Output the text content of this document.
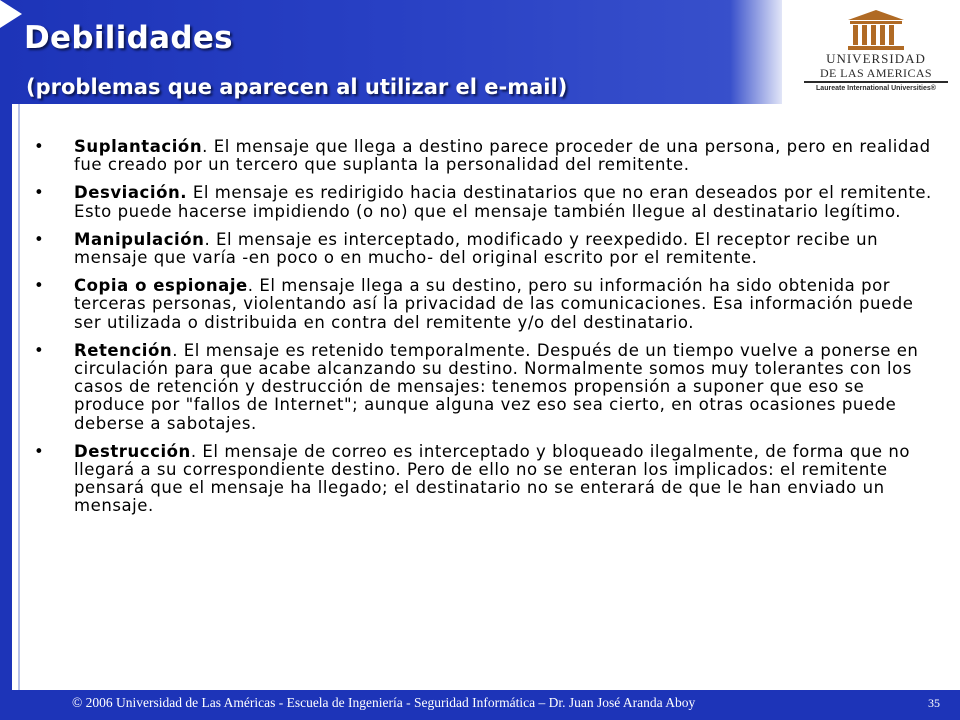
Debilidades
(problemas que aparecen al utilizar el e-mail)
UNIVERSIDAD
DE LAS AMERICAS
Laureate International Universities®
• Suplantación. El mensaje que llega a destino parece proceder de una persona, pero en realidad fue creado por un tercero que suplanta la personalidad del remitente.
• Desviación. El mensaje es redirigido hacia destinatarios que no eran deseados por el remitente. Esto puede hacerse impidiendo (o no) que el mensaje también llegue al destinatario legítimo.
• Manipulación. El mensaje es interceptado, modificado y reexpedido. El receptor recibe un mensaje que varía -en poco o en mucho- del original escrito por el remitente.
• Copia o espionaje. El mensaje llega a su destino, pero su información ha sido obtenida por terceras personas, violentando así la privacidad de las comunicaciones. Esa información puede ser utilizada o distribuida en contra del remitente y/o del destinatario.
• Retención. El mensaje es retenido temporalmente. Después de un tiempo vuelve a ponerse en circulación para que acabe alcanzando su destino. Normalmente somos muy tolerantes con los casos de retención y destrucción de mensajes: tenemos propensión a suponer que eso se produce por "fallos de Internet"; aunque alguna vez eso sea cierto, en otras ocasiones puede deberse a sabotajes.
• Destrucción. El mensaje de correo es interceptado y bloqueado ilegalmente, de forma que no llegará a su correspondiente destino. Pero de ello no se enteran los implicados: el remitente pensará que el mensaje ha llegado; el destinatario no se enterará de que le han enviado un mensaje.
© 2006 Universidad de Las Américas - Escuela de Ingeniería - Seguridad Informática – Dr. Juan José Aranda Aboy	35
